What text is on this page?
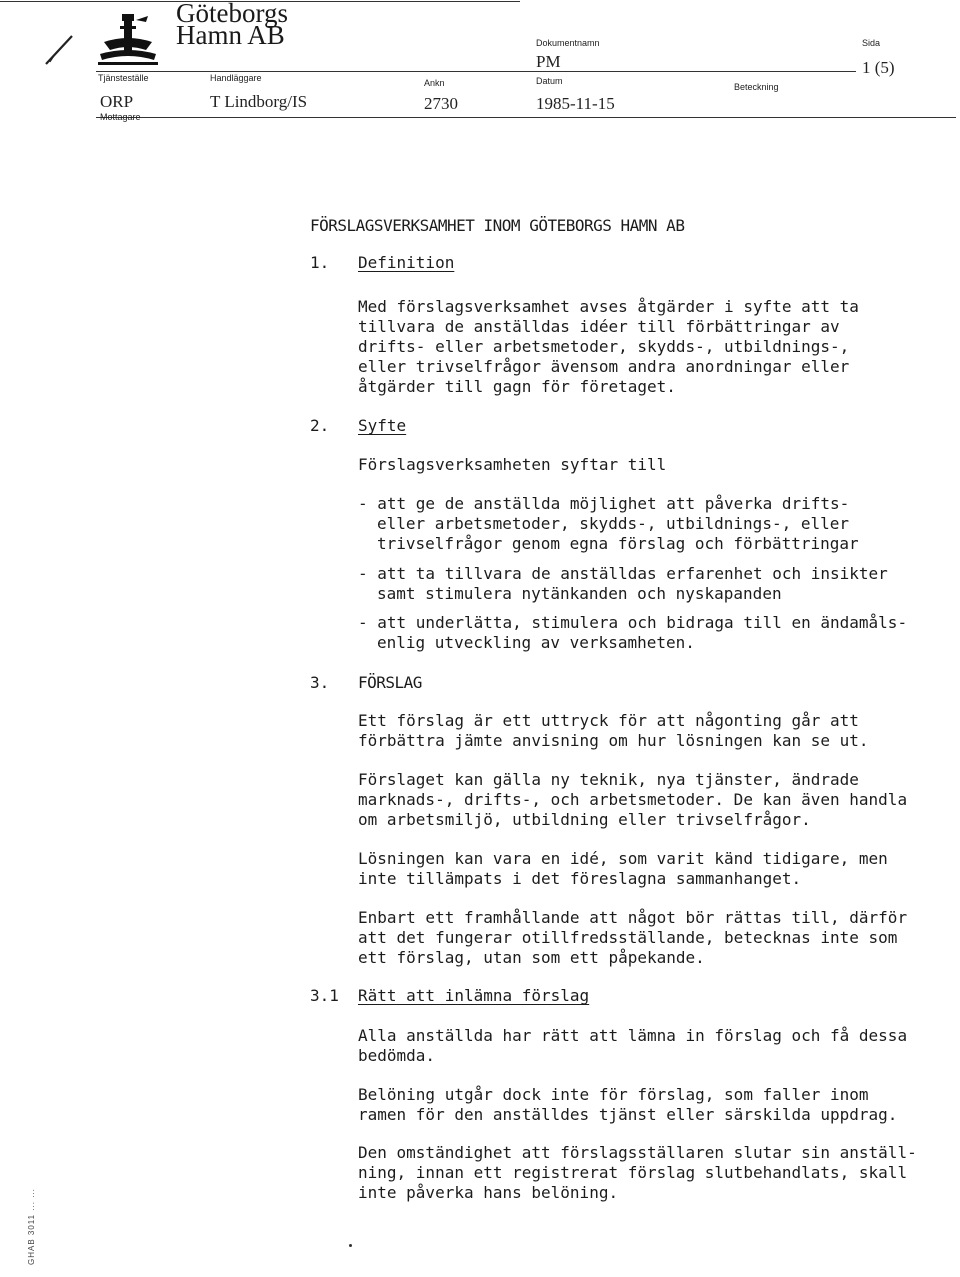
Göteborgs
Hamn AB	Dokumentnamn
PM
Sida
1 (5)
Tjänsteställe	Handläggare	Ankn	Datum
Beteckning
ORP	T Lindborg/IS	2730	1985-11-15
Mottagare
FÖRSLAGSVERKSAMHET INOM GÖTEBORGS HAMN AB
1. Definition
Med förslagsverksamhet avses åtgärder i syfte att ta
tillvara de anställdas idéer till förbättringar av
drifts- eller arbetsmetoder, skydds-, utbildnings-,
eller trivselfrågor ävensom andra anordningar eller
åtgärder till gagn för företaget.
2. Syfte
Förslagsverksamheten syftar till
- att ge de anställda möjlighet att påverka drifts-
eller arbetsmetoder, skydds-, utbildnings-, eller
trivselfrågor genom egna förslag och förbättringar
- att ta tillvara de anställdas erfarenhet och insikter
samt stimulera nytänkanden och nyskapanden
- att underlätta, stimulera och bidraga till en ändamåls-
enlig utveckling av verksamheten.
3. FÖRSLAG
Ett förslag är ett uttryck för att någonting går att
förbättra jämte anvisning om hur lösningen kan se ut.
Förslaget kan gälla ny teknik, nya tjänster, ändrade
marknads-, drifts-, och arbetsmetoder. De kan även handla
om arbetsmiljö, utbildning eller trivselfrågor.
Lösningen kan vara en idé, som varit känd tidigare, men
inte tillämpats i det föreslagna sammanhanget.
Enbart ett framhållande att något bör rättas till, därför
att det fungerar otillfredsställande, betecknas inte som
ett förslag, utan som ett påpekande.
3.1 Rätt att inlämna förslag
Alla anställda har rätt att lämna in förslag och få dessa
bedömda.
Belöning utgår dock inte för förslag, som faller inom
ramen för den anställdes tjänst eller särskilda uppdrag.
Den omständighet att förslagsställaren slutar sin anställ-
ning, innan ett registrerat förslag slutbehandlats, skall
inte påverka hans belöning.
GHAB 3011 ... ...
